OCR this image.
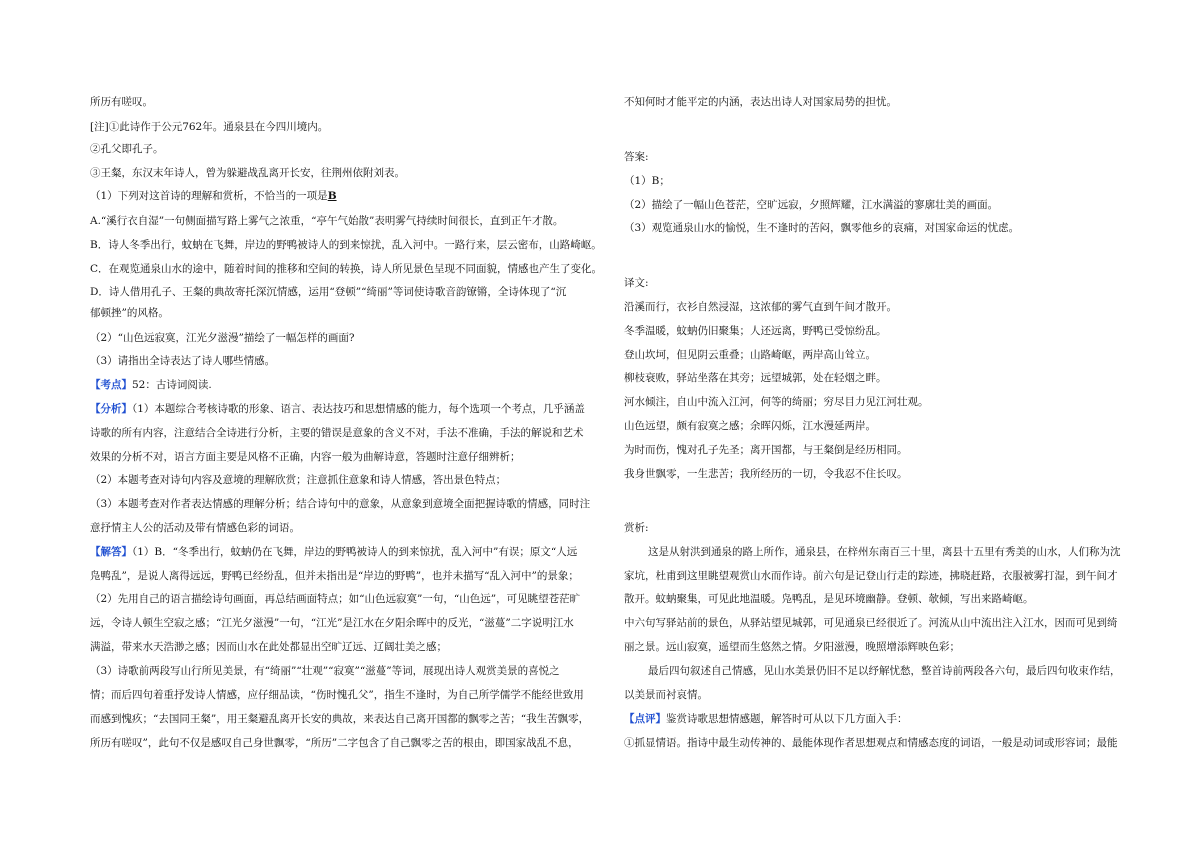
所历有嗟叹。
[注]①此诗作于公元762年。通泉县在今四川境内。
②孔父即孔子。
③王粲，东汉末年诗人，曾为躲避战乱离开长安，往荆州依附刘表。
（1）下列对这首诗的理解和赏析，不恰当的一项是B
A.“溪行衣自湿”一句侧面描写路上雾气之浓重，“亭午气始散”表明雾气持续时间很长，直到正午才散。
B．诗人冬季出行，蚊蚋在飞舞，岸边的野鸭被诗人的到来惊扰，乱入河中。一路行来，层云密布，山路崎岖。
C．在观览通泉山水的途中，随着时间的推移和空间的转换，诗人所见景色呈现不同面貌，情感也产生了变化。
D．诗人借用孔子、王粲的典故寄托深沉情感，运用“登顿”“绮丽”等词使诗歌音韵镣锵，全诗体现了“沉
郁顿挫”的风格。
（2）“山色远寂寞，江光夕滋漫”描绘了一幅怎样的画面?
（3）请指出全诗表达了诗人哪些情感。
【考点】52：古诗词阅读.
【分析】（1）本题综合考核诗歌的形象、语言、表达技巧和思想情感的能力，每个选项一个考点，几乎涵盖
诗歌的所有内容，注意结合全诗进行分析，主要的错误是意象的含义不对，手法不准确，手法的解说和艺术
效果的分析不对，语言方面主要是风格不正确，内容一般为曲解诗意，答题时注意仔细辨析；
（2）本题考查对诗句内容及意境的理解欣赏；注意抓住意象和诗人情感，答出景色特点；
（3）本题考查对作者表达情感的理解分析；结合诗句中的意象，从意象到意境全面把握诗歌的情感，同时注
意抒情主人公的活动及带有情感色彩的词语。
【解答】（1）B．“冬季出行，蚊蚋仍在飞舞，岸边的野鸭被诗人的到来惊扰，乱入河中”有误；原文“人远
凫鸭乱”，是说人离得远远，野鸭已经纷乱，但并未指出是“岸边的野鸭”，也并未描写“乱入河中”的景象；
（2）先用自己的语言描绘诗句画面，再总结画面特点；如“山色远寂寞”一句，“山色远”，可见眺望苍茫旷
远，令诗人顿生空寂之感；“江光夕滋漫”一句，“江光”是江水在夕阳余晖中的反光，“滋蔓”二字说明江水
满溢，带来水天浩渺之感；因而山水在此处都显出空旷辽远、辽阔壮美之感；
（3）诗歌前两段写山行所见美景，有“绮丽”“壮观”“寂寞”“滋蔓”等词，展现出诗人观赏美景的喜悦之
情；而后四句着重抒发诗人情感，应仔细品读，“伤时愧孔父”，指生不逢时，为自己所学儒学不能经世致用
而感到愧疚；“去国同王粲”，用王粲避乱离开长安的典故，来表达自己离开国都的飘零之苦；“我生苦飘零，
所历有嗟叹”，此句不仅是感叹自己身世飘零，“所历”二字包含了自己飘零之苦的根由，即国家战乱不息，
不知何时才能平定的内涵，表达出诗人对国家局势的担忧。
答案:
（1）B；
（2）描绘了一幅山色苍茫，空旷远寂，夕照辉耀，江水满溢的寥廓壮美的画面。
（3）观览通泉山水的愉悦，生不逢时的苦闷，飘零他乡的哀痛，对国家命运的忧虑。
译文:
沿溪而行，衣衫自然浸湿，这浓郁的雾气直到午间才散开。
冬季温暖，蚊蚋仍旧聚集；人还远离，野鸭已受惊纷乱。
登山坎坷，但见阴云重叠；山路崎岖，两岸高山耸立。
柳枝衰败，驿站坐落在其旁；远望城郭，处在轻烟之畔。
河水倾注，自山中流入江河，何等的绮丽；穷尽目力见江河壮观。
山色远望，颇有寂寞之感；余晖闪烁，江水漫延两岸。
为时而伤，愧对孔子先圣；离开国都，与王粲倒是经历相同。
我身世飘零，一生悲苦；我所经历的一切，令我忍不住长叹。
赏析:
这是从射洪到通泉的路上所作，通泉县，在梓州东南百三十里，离县十五里有秀美的山水，人们称为沈
家坑，杜甫到这里眺望观赏山水而作诗。前六句是记登山行走的踪迹，拂晓赶路，衣服被雾打湿，到午间才
散开。蚊蚋聚集，可见此地温暖。凫鸭乱，是见环境幽静。登顿、欹倾，写出来路崎岖。
中六句写驿站前的景色，从驿站望见城郭，可见通泉已经很近了。河流从山中流出注入江水，因而可见到绮
丽之景。远山寂寞，遥望而生悠然之情。夕阳滋漫，晚照增添辉映色彩；
最后四句叙述自己情感，见山水美景仍旧不足以纾解忧愁，整首诗前两段各六句，最后四句收束作结，
以美景而衬哀情。
【点评】鉴赏诗歌思想情感题，解答时可从以下几方面入手：
①抓显情语。指诗中最生动传神的、最能体现作者思想观点和情感态度的词语，一般是动词或形容词；最能
